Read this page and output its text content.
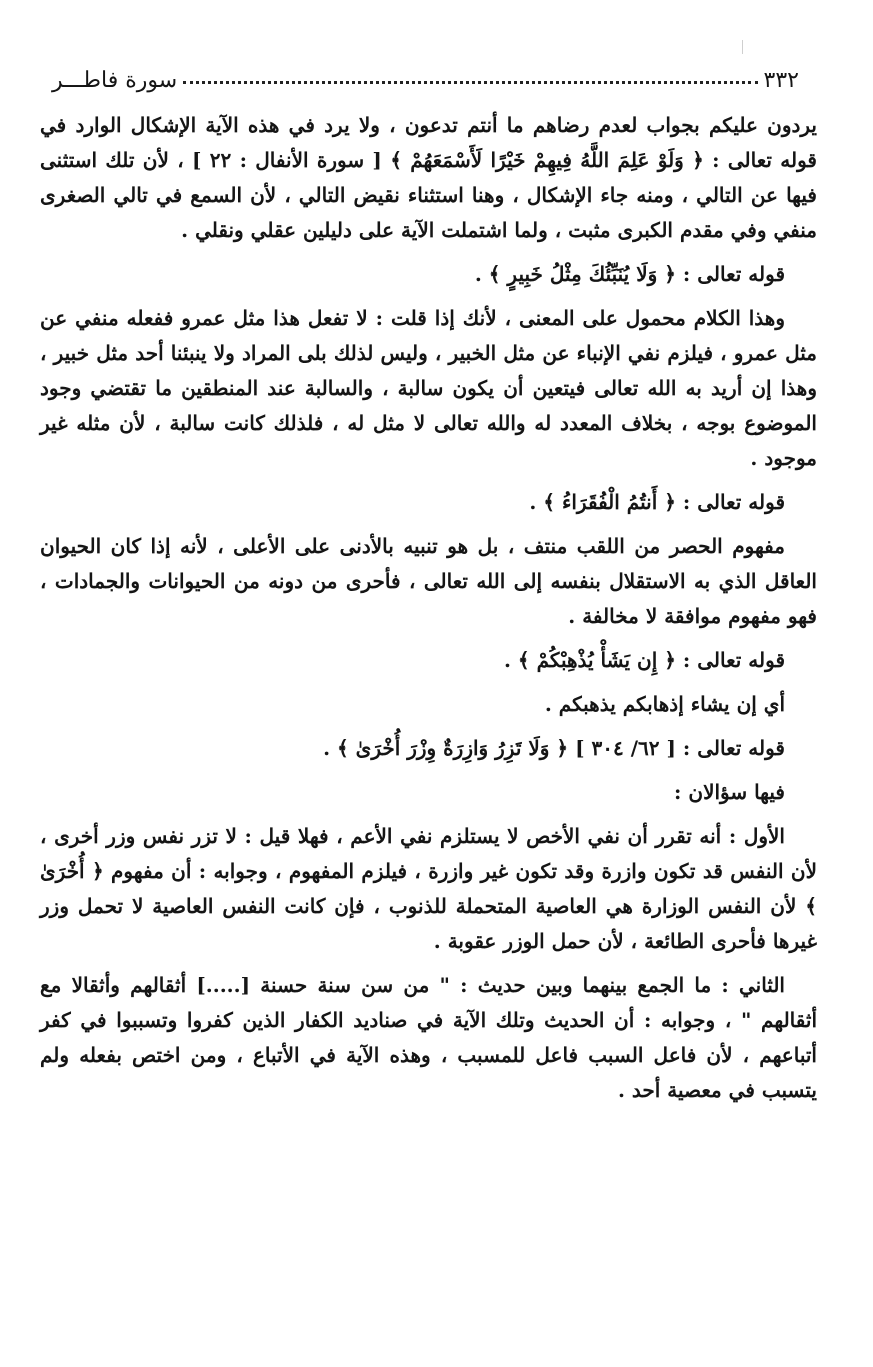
٣٣٢
سورة فاطـــر

يردون عليكم بجواب لعدم رضاهم ما أنتم تدعون ، ولا يرد في هذه الآية الإشكال الوارد في قوله تعالى : ﴿ وَلَوْ عَلِمَ اللَّهُ فِيهِمْ خَيْرًا لَأَسْمَعَهُمْ ﴾ [ سورة الأنفال : ٢٢ ] ، لأن تلك استثنى فيها عن التالي ، ومنه جاء الإشكال ، وهنا استثناء نقيض التالي ، لأن السمع في تالي الصغرى منفي وفي مقدم الكبرى مثبت ، ولما اشتملت الآية على دليلين عقلي ونقلي .

قوله تعالى : ﴿ وَلَا يُنَبِّئُكَ مِثْلُ خَبِيرٍ ﴾ .

وهذا الكلام محمول على المعنى ، لأنك إذا قلت : لا تفعل هذا مثل عمرو ففعله منفي عن مثل عمرو ، فيلزم نفي الإنباء عن مثل الخبير ، وليس لذلك بلى المراد ولا ينبئنا أحد مثل خبير ، وهذا إن أريد به الله تعالى فيتعين أن يكون سالبة ، والسالبة عند المنطقين ما تقتضي وجود الموضوع بوجه ، بخلاف المعدد له والله تعالى لا مثل له ، فلذلك كانت سالبة ، لأن مثله غير موجود .

قوله تعالى : ﴿ أَنتُمُ الْفُقَرَاءُ ﴾ .

مفهوم الحصر من اللقب منتف ، بل هو تنبيه بالأدنى على الأعلى ، لأنه إذا كان الحيوان العاقل الذي به الاستقلال بنفسه إلى الله تعالى ، فأحرى من دونه من الحيوانات والجمادات ، فهو مفهوم موافقة لا مخالفة .

قوله تعالى : ﴿ إِن يَشَأْ يُذْهِبْكُمْ ﴾ .

أي إن يشاء إذهابكم يذهبكم .

قوله تعالى : [ ٦٢/ ٣٠٤ ] ﴿ وَلَا تَزِرُ وَازِرَةٌ وِزْرَ أُخْرَىٰ ﴾ .

فيها سؤالان :

الأول : أنه تقرر أن نفي الأخص لا يستلزم نفي الأعم ، فهلا قيل : لا تزر نفس وزر أخرى ، لأن النفس قد تكون وازرة وقد تكون غير وازرة ، فيلزم المفهوم ، وجوابه : أن مفهوم ﴿ أُخْرَىٰ ﴾ لأن النفس الوزارة هي العاصية المتحملة للذنوب ، فإن كانت النفس العاصية لا تحمل وزر غيرها فأحرى الطائعة ، لأن حمل الوزر عقوبة .

الثاني : ما الجمع بينهما وبين حديث : " من سن سنة حسنة [.....] أثقالهم وأثقالا مع أثقالهم " ، وجوابه : أن الحديث وتلك الآية في صناديد الكفار الذين كفروا وتسببوا في كفر أتباعهم ، لأن فاعل السبب فاعل للمسبب ، وهذه الآية في الأتباع ، ومن اختص بفعله ولم يتسبب في معصية أحد .
